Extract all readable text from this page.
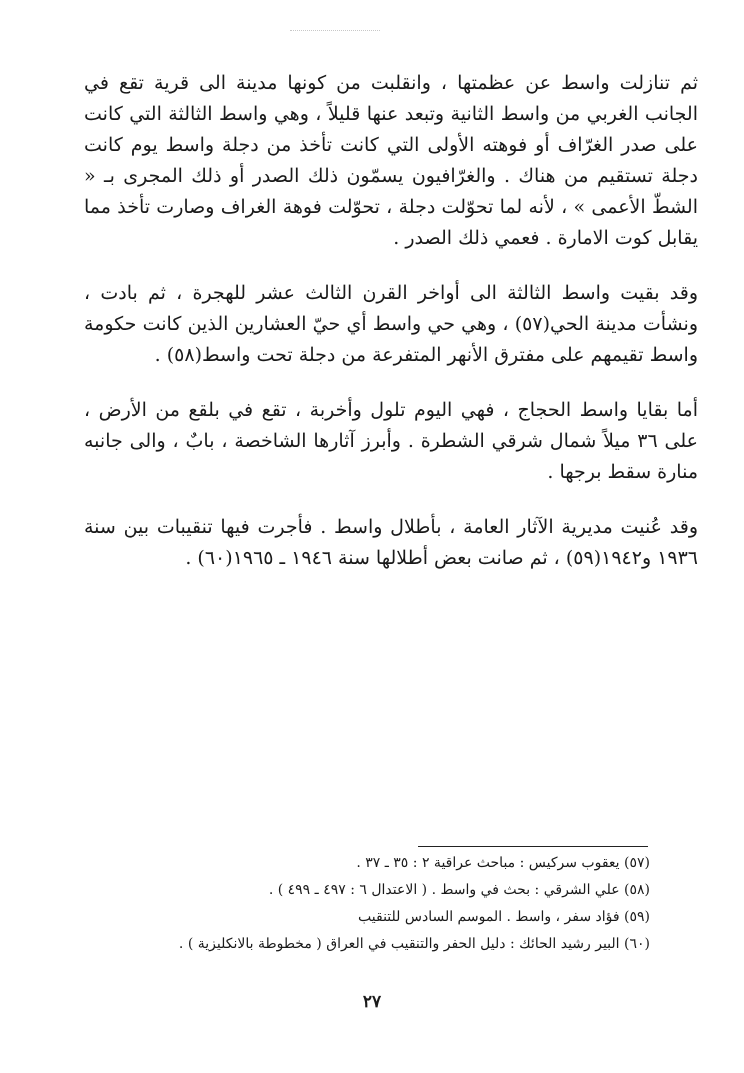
ثم تنازلت واسط عن عظمتها ، وانقلبت من كونها مدينة الى قرية تقع في الجانب الغربي من واسط الثانية وتبعد عنها قليلاً ، وهي واسط الثالثة التي كانت على صدر الغرّاف أو فوهته الأولى التي كانت تأخذ من دجلة واسط يوم كانت دجلة تستقيم من هناك . والغرّافيون يسمّون ذلك الصدر أو ذلك المجرى بـ « الشطّ الأعمى » ، لأنه لما تحوّلت دجلة ، تحوّلت فوهة الغراف وصارت تأخذ مما يقابل كوت الامارة . فعمي ذلك الصدر .

وقد بقيت واسط الثالثة الى أواخر القرن الثالث عشر للهجرة ، ثم بادت ، ونشأت مدينة الحي(٥٧) ، وهي حي واسط أي حيّ العشارين الذين كانت حكومة واسط تقيمهم على مفترق الأنهر المتفرعة من دجلة تحت واسط(٥٨) .

أما بقايا واسط الحجاج ، فهي اليوم تلول وأخربة ، تقع في بلقع من الأرض ، على ٣٦ ميلاً شمال شرقي الشطرة . وأبرز آثارها الشاخصة ، بابٌ ، والى جانبه منارة سقط برجها .

وقد عُنيت مديرية الآثار العامة ، بأطلال واسط . فأجرت فيها تنقيبات بين سنة ١٩٣٦ و١٩٤٢(٥٩) ، ثم صانت بعض أطلالها سنة ١٩٤٦ ـ ١٩٦٥(٦٠) .

(٥٧) يعقوب سركيس : مباحث عراقية ٢ : ٣٥ ـ ٣٧ .
(٥٨) علي الشرقي : بحث في واسط . ( الاعتدال ٦ : ٤٩٧ ـ ٤٩٩ ) .
(٥٩) فؤاد سفر ، واسط . الموسم السادس للتنقيب
(٦٠) البير رشيد الحائك : دليل الحفر والتنقيب في العراق ( مخطوطة بالانكليزية ) .
٢٧
